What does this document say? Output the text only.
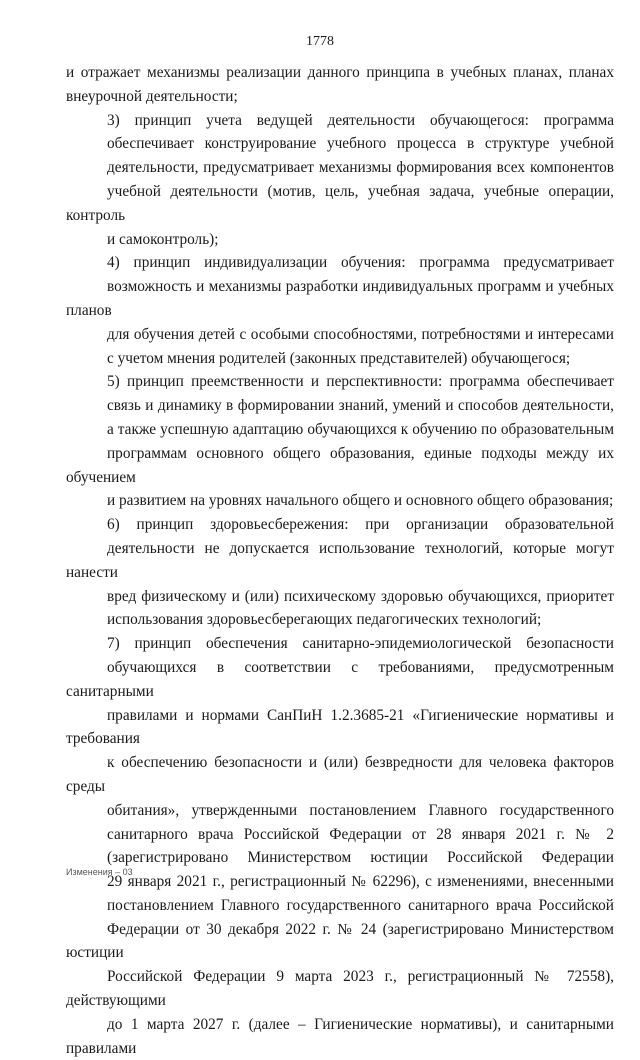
1778
и отражает механизмы реализации данного принципа в учебных планах, планах
внеурочной деятельности;
3) принцип учета ведущей деятельности обучающегося: программа
обеспечивает конструирование учебного процесса в структуре учебной
деятельности, предусматривает механизмы формирования всех компонентов
учебной деятельности (мотив, цель, учебная задача, учебные операции, контроль
и самоконтроль);
4) принцип индивидуализации обучения: программа предусматривает
возможность и механизмы разработки индивидуальных программ и учебных планов
для обучения детей с особыми способностями, потребностями и интересами
с учетом мнения родителей (законных представителей) обучающегося;
5) принцип преемственности и перспективности: программа обеспечивает
связь и динамику в формировании знаний, умений и способов деятельности,
а также успешную адаптацию обучающихся к обучению по образовательным
программам основного общего образования, единые подходы между их обучением
и развитием на уровнях начального общего и основного общего образования;
6) принцип здоровьесбережения: при организации образовательной
деятельности не допускается использование технологий, которые могут нанести
вред физическому и (или) психическому здоровью обучающихся, приоритет
использования здоровьесберегающих педагогических технологий;
7) принцип обеспечения санитарно-эпидемиологической безопасности
обучающихся в соответствии с требованиями, предусмотренным санитарными
правилами и нормами СанПиН 1.2.3685-21 «Гигиенические нормативы и требования
к обеспечению безопасности и (или) безвредности для человека факторов среды
обитания», утвержденными постановлением Главного государственного
санитарного врача Российской Федерации от 28 января 2021 г. № 2
(зарегистрировано Министерством юстиции Российской Федерации
29 января 2021 г., регистрационный № 62296), с изменениями, внесенными
постановлением Главного государственного санитарного врача Российской
Федерации от 30 декабря 2022 г. № 24 (зарегистрировано Министерством юстиции
Российской Федерации 9 марта 2023 г., регистрационный № 72558), действующими
до 1 марта 2027 г. (далее – Гигиенические нормативы), и санитарными правилами
Изменения – 03
